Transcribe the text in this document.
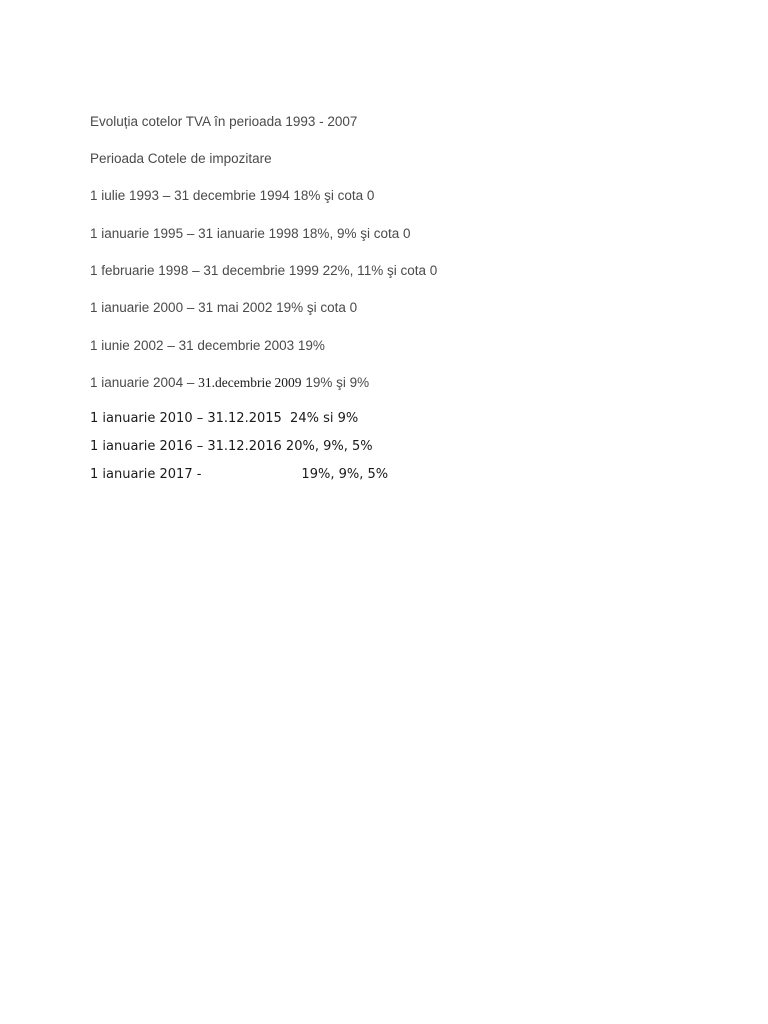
Evoluția cotelor TVA în perioada 1993 - 2007
Perioada Cotele de impozitare
1 iulie 1993 – 31 decembrie 1994 18% şi cota 0
1 ianuarie 1995 – 31 ianuarie 1998 18%, 9% şi cota 0
1 februarie 1998 – 31 decembrie 1999 22%, 11% şi cota 0
1 ianuarie 2000 – 31 mai 2002 19% şi cota 0
1 iunie 2002 – 31 decembrie 2003 19%
1 ianuarie 2004 – 31.decembrie 2009 19% şi 9%
1 ianuarie 2010 – 31.12.2015  24% si 9%
1 ianuarie 2016 – 31.12.2016 20%, 9%, 5%
1 ianuarie 2017 -	19%, 9%, 5%
